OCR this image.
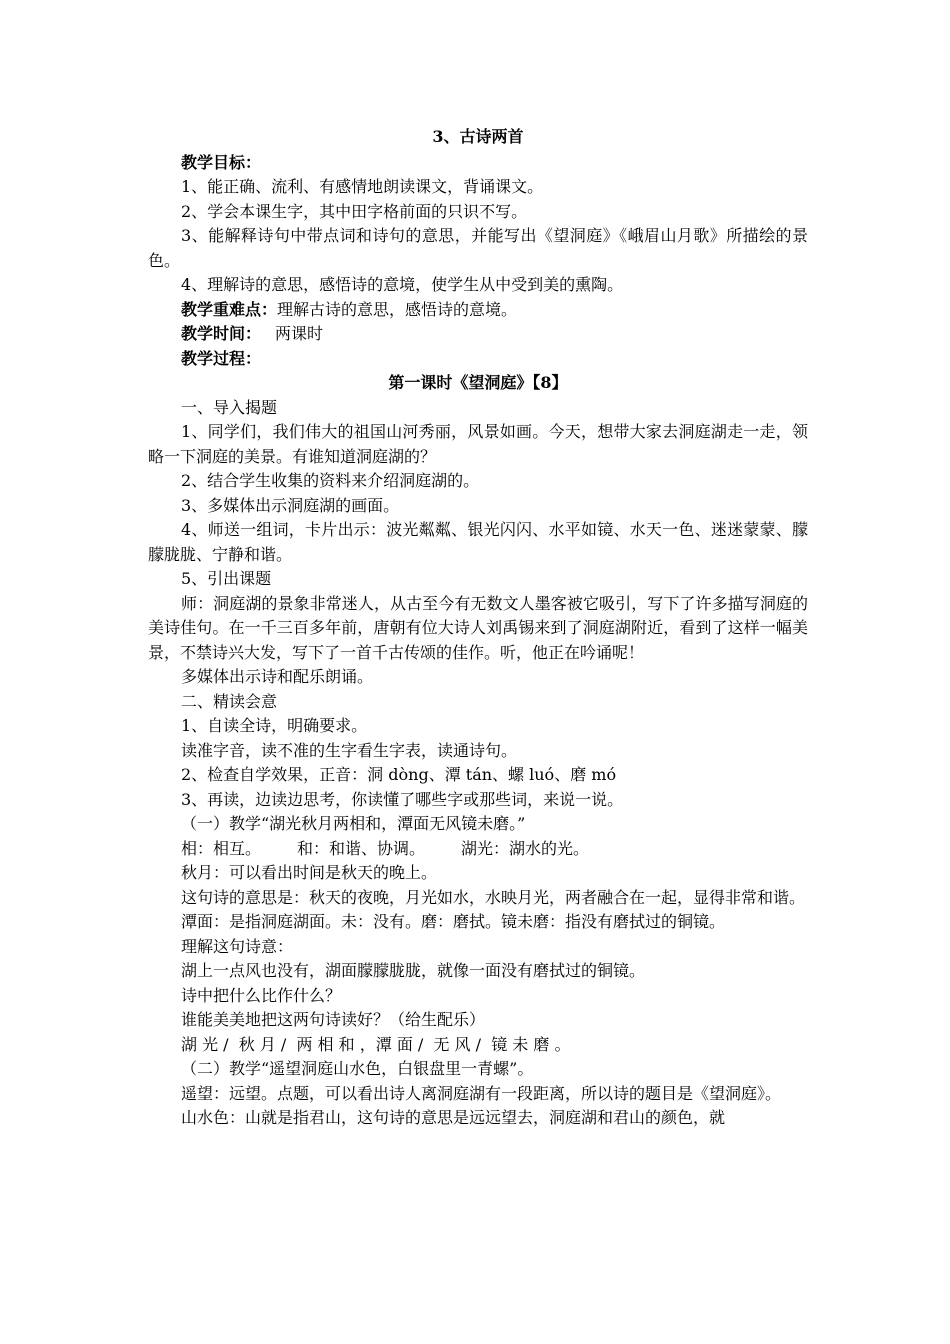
3、古诗两首

教学目标：

1、能正确、流利、有感情地朗读课文，背诵课文。

2、学会本课生字，其中田字格前面的只识不写。

3、能解释诗句中带点词和诗句的意思，并能写出《望洞庭》《峨眉山月歌》所描绘的景色。

4、理解诗的意思，感悟诗的意境，使学生从中受到美的熏陶。

教学重难点：理解古诗的意思，感悟诗的意境。

教学时间： 两课时

教学过程：

第一课时《望洞庭》【8】

一、导入揭题

1、同学们，我们伟大的祖国山河秀丽，风景如画。今天，想带大家去洞庭湖走一走，领略一下洞庭的美景。有谁知道洞庭湖的？

2、结合学生收集的资料来介绍洞庭湖的。

3、多媒体出示洞庭湖的画面。

4、师送一组词，卡片出示：波光粼粼、银光闪闪、水平如镜、水天一色、迷迷蒙蒙、朦朦胧胧、宁静和谐。

5、引出课题

师：洞庭湖的景象非常迷人，从古至今有无数文人墨客被它吸引，写下了许多描写洞庭的美诗佳句。在一千三百多年前，唐朝有位大诗人刘禹锡来到了洞庭湖附近，看到了这样一幅美景，不禁诗兴大发，写下了一首千古传颂的佳作。听，他正在吟诵呢！

多媒体出示诗和配乐朗诵。

二、精读会意

1、自读全诗，明确要求。

读准字音，读不准的生字看生字表，读通诗句。

2、检查自学效果，正音：洞 dòng、潭 tán、螺 luó、磨 mó

3、再读，边读边思考，你读懂了哪些字或那些词，来说一说。

（一）教学“湖光秋月两相和，潭面无风镜未磨。”

相：相互。 和：和谐、协调。 湖光：湖水的光。

秋月：可以看出时间是秋天的晚上。

这句诗的意思是：秋天的夜晚，月光如水，水映月光，两者融合在一起，显得非常和谐。

潭面：是指洞庭湖面。未：没有。磨：磨拭。镜未磨：指没有磨拭过的铜镜。

理解这句诗意：

湖上一点风也没有，湖面朦朦胧胧，就像一面没有磨拭过的铜镜。

诗中把什么比作什么？

谁能美美地把这两句诗读好？（给生配乐）

湖 光 /  秋 月 /  两 相 和 ，潭 面 /  无 风 /  镜 未 磨 。

（二）教学“遥望洞庭山水色，白银盘里一青螺”。

遥望：远望。点题，可以看出诗人离洞庭湖有一段距离，所以诗的题目是《望洞庭》。

山水色：山就是指君山，这句诗的意思是远远望去，洞庭湖和君山的颜色，就
